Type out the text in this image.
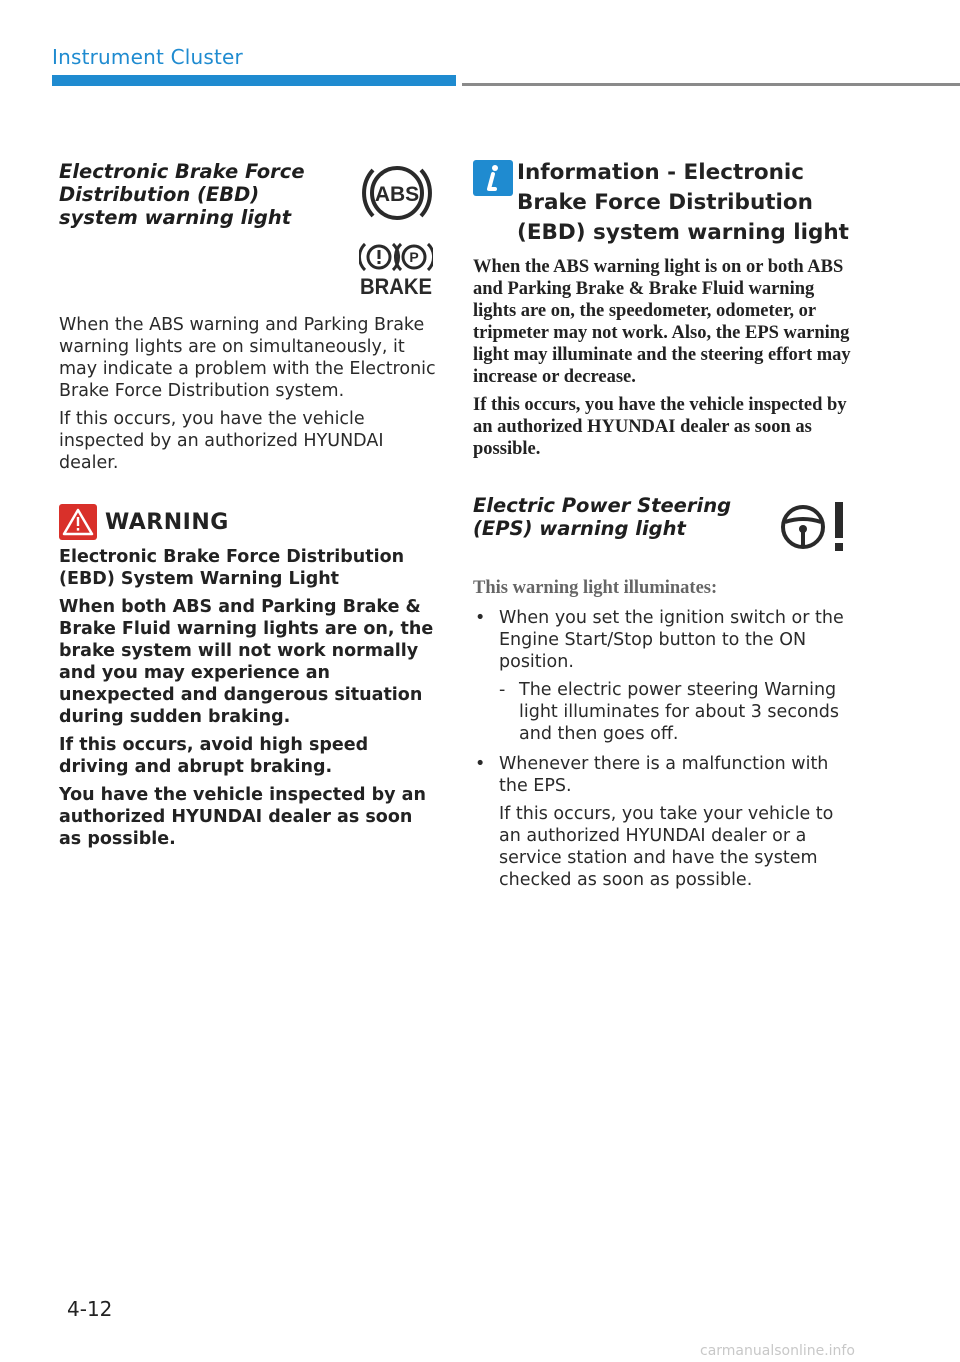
Instrument Cluster
Electronic Brake Force Distribution (EBD) system warning light
ABS
P
BRAKE

When the ABS warning and Parking Brake warning lights are on simultaneously, it may indicate a problem with the Electronic Brake Force Distribution system.

If this occurs, you have the vehicle inspected by an authorized HYUNDAI dealer.

WARNING

Electronic Brake Force Distribution (EBD) System Warning Light

When both ABS and Parking Brake & Brake Fluid warning lights are on, the brake system will not work normally and you may experience an unexpected and dangerous situation during sudden braking.

If this occurs, avoid high speed driving and abrupt braking.

You have the vehicle inspected by an authorized HYUNDAI dealer as soon as possible.

Information - Electronic Brake Force Distribution (EBD) system warning light

When the ABS warning light is on or both ABS and Parking Brake & Brake Fluid warning lights are on, the speedometer, odometer, or tripmeter may not work. Also, the EPS warning light may illuminate and the steering effort may increase or decrease.

If this occurs, you have the vehicle inspected by an authorized HYUNDAI dealer as soon as possible.

Electric Power Steering (EPS) warning light

This warning light illuminates:

• When you set the ignition switch or the Engine Start/Stop button to the ON position.
- The electric power steering Warning light illuminates for about 3 seconds and then goes off.
• Whenever there is a malfunction with the EPS.

If this occurs, you take your vehicle to an authorized HYUNDAI dealer or a service station and have the system checked as soon as possible.

4-12
carmanualsonline.info
